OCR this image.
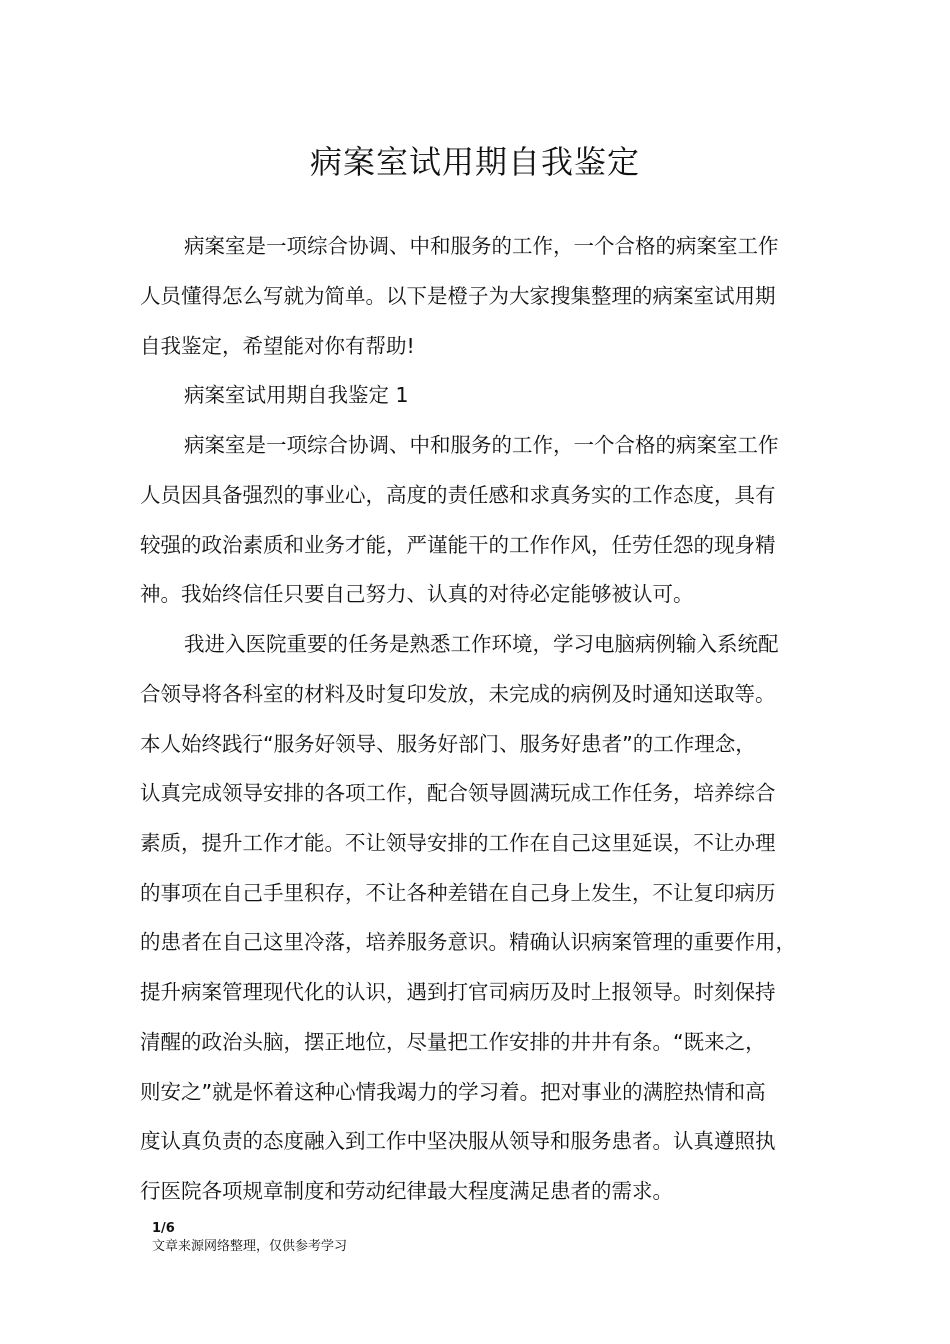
病案室试用期自我鉴定

病案室是一项综合协调、中和服务的工作，一个合格的病案室工作

人员懂得怎么写就为简单。以下是橙子为大家搜集整理的病案室试用期

自我鉴定，希望能对你有帮助!

病案室试用期自我鉴定 1

病案室是一项综合协调、中和服务的工作，一个合格的病案室工作

人员因具备强烈的事业心，高度的责任感和求真务实的工作态度，具有

较强的政治素质和业务才能，严谨能干的工作作风，任劳任怨的现身精

神。我始终信任只要自己努力、认真的对待必定能够被认可。

我进入医院重要的任务是熟悉工作环境，学习电脑病例输入系统配

合领导将各科室的材料及时复印发放，未完成的病例及时通知送取等。

本人始终践行“服务好领导、服务好部门、服务好患者”的工作理念，

认真完成领导安排的各项工作，配合领导圆满玩成工作任务，培养综合

素质，提升工作才能。不让领导安排的工作在自己这里延误，不让办理

的事项在自己手里积存，不让各种差错在自己身上发生，不让复印病历

的患者在自己这里冷落，培养服务意识。精确认识病案管理的重要作用，

提升病案管理现代化的认识，遇到打官司病历及时上报领导。时刻保持

清醒的政治头脑，摆正地位，尽量把工作安排的井井有条。“既来之，

则安之”就是怀着这种心情我竭力的学习着。把对事业的满腔热情和高

度认真负责的态度融入到工作中坚决服从领导和服务患者。认真遵照执

行医院各项规章制度和劳动纪律最大程度满足患者的需求。

1/6

文章来源网络整理，仅供参考学习
